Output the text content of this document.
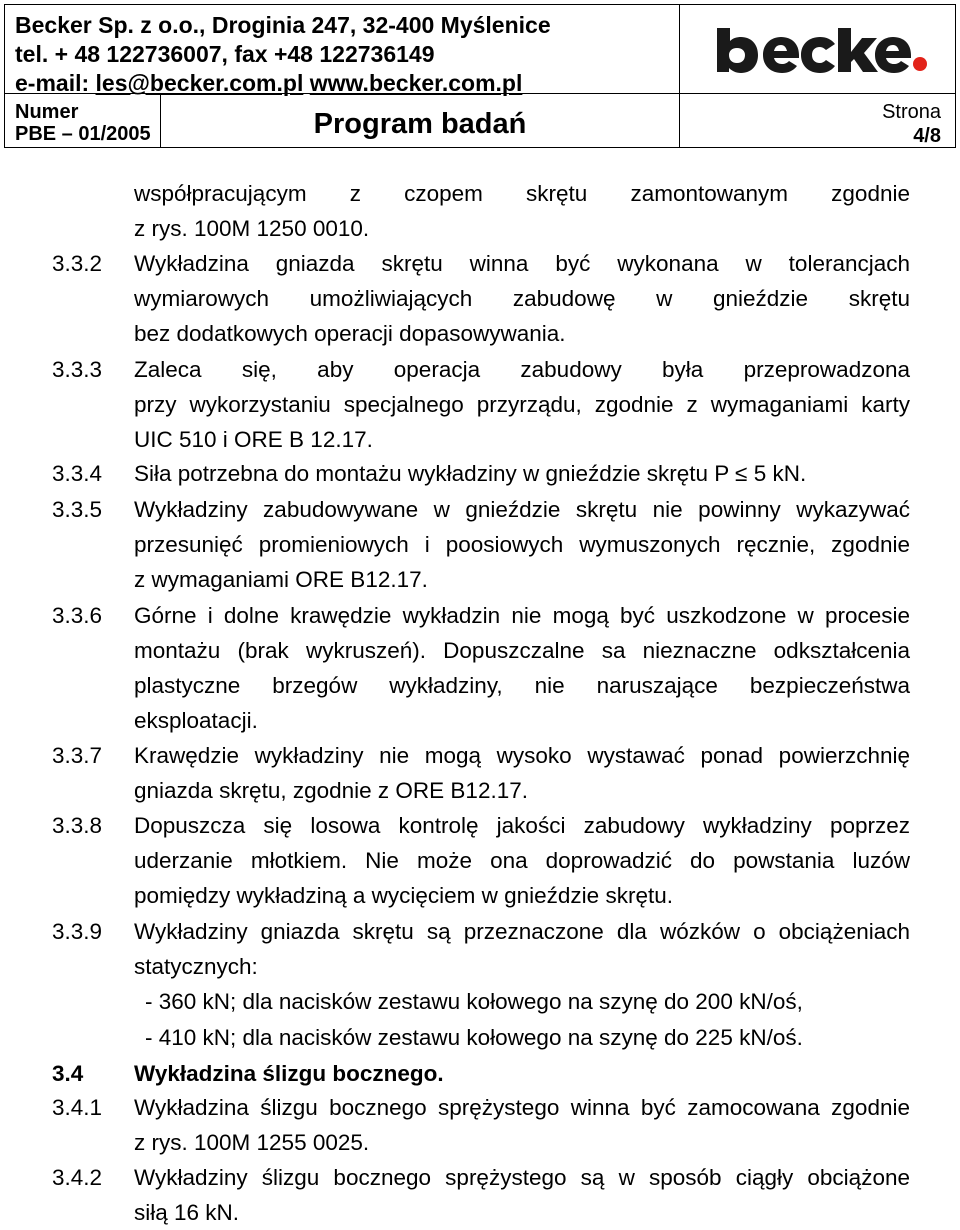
Becker Sp. z o.o., Droginia 247, 32-400 Myślenice
tel. + 48 122736007, fax +48 122736149
e-mail: les@becker.com.pl www.becker.com.pl
Numer
PBE – 01/2005	Program badań	Strona
4/8
współpracującym z czopem skrętu zamontowanym zgodnie
z rys. 100M 1250 0010.
3.3.2 Wykładzina gniazda skrętu winna być wykonana w tolerancjach
wymiarowych umożliwiających zabudowę w gnieździe skrętu
bez dodatkowych operacji dopasowywania.
3.3.3 Zaleca się, aby operacja zabudowy była przeprowadzona
przy wykorzystaniu specjalnego przyrządu, zgodnie z wymaganiami karty
UIC 510 i ORE B 12.17.
3.3.4 Siła potrzebna do montażu wykładziny w gnieździe skrętu P ≤ 5 kN.
3.3.5 Wykładziny zabudowywane w gnieździe skrętu nie powinny wykazywać
przesunięć promieniowych i poosiowych wymuszonych ręcznie, zgodnie
z wymaganiami ORE B12.17.
3.3.6 Górne i dolne krawędzie wykładzin nie mogą być uszkodzone w procesie
montażu (brak wykruszeń). Dopuszczalne sa nieznaczne odkształcenia
plastyczne brzegów wykładziny, nie naruszające bezpieczeństwa
eksploatacji.
3.3.7 Krawędzie wykładziny nie mogą wysoko wystawać ponad powierzchnię
gniazda skrętu, zgodnie z ORE B12.17.
3.3.8 Dopuszcza się losowa kontrolę jakości zabudowy wykładziny poprzez
uderzanie młotkiem. Nie może ona doprowadzić do powstania luzów
pomiędzy wykładziną a wycięciem w gnieździe skrętu.
3.3.9 Wykładziny gniazda skrętu są przeznaczone dla wózków o obciążeniach
statycznych:
- 360 kN; dla nacisków zestawu kołowego na szynę do 200 kN/oś,
- 410 kN; dla nacisków zestawu kołowego na szynę do 225 kN/oś.
3.4 Wykładzina ślizgu bocznego.
3.4.1 Wykładzina ślizgu bocznego sprężystego winna być zamocowana zgodnie
z rys. 100M 1255 0025.
3.4.2 Wykładziny ślizgu bocznego sprężystego są w sposób ciągły obciążone
siłą 16 kN.
